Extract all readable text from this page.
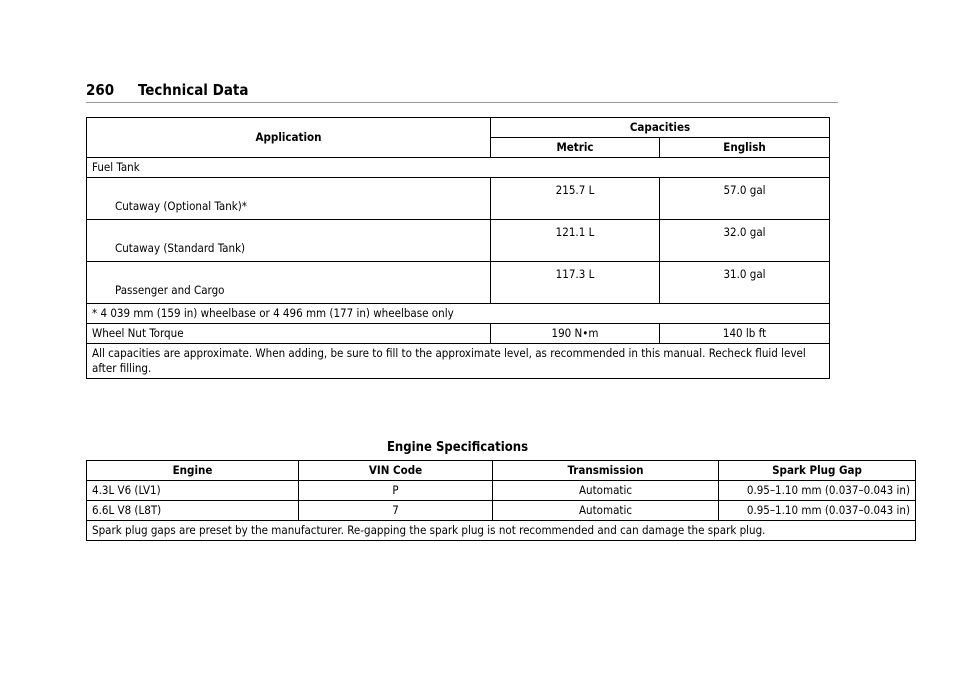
260 Technical Data
Application	Capacities	
	Metric	English
Fuel Tank		
Cutaway (Optional Tank)*	215.7 L	57.0 gal
Cutaway (Standard Tank)	121.1 L	32.0 gal
Passenger and Cargo	117.3 L	31.0 gal
* 4 039 mm (159 in) wheelbase or 4 496 mm (177 in) wheelbase only		
Wheel Nut Torque	190 N•m	140 lb ft
All capacities are approximate. When adding, be sure to fill to the approximate level, as recommended in this manual. Recheck fluid level after filling.		
Engine Specifications
Engine	VIN Code	Transmission	Spark Plug Gap
4.3L V6 (LV1)	P	Automatic	0.95–1.10 mm (0.037–0.043 in)
6.6L V8 (L8T)	7	Automatic	0.95–1.10 mm (0.037–0.043 in)
Spark plug gaps are preset by the manufacturer. Re-gapping the spark plug is not recommended and can damage the spark plug.			
